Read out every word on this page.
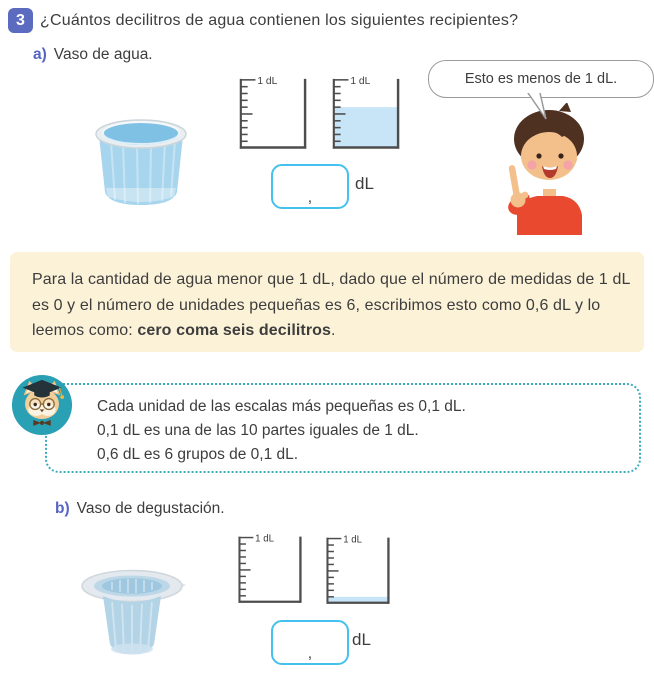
3 ¿Cuántos decilitros de agua contienen los siguientes recipientes?
a) Vaso de agua.
1 dL	1 dL
,
dL
Esto es menos de 1 dL.
Para la cantidad de agua menor que 1 dL, dado que el número de medidas de 1 dL es 0 y el número de unidades pequeñas es 6, escribimos esto como 0,6 dL y lo leemos como: cero coma seis decilitros.
Cada unidad de las escalas más pequeñas es 0,1 dL.
0,1 dL es una de las 10 partes iguales de 1 dL.
0,6 dL es 6 grupos de 0,1 dL.
b) Vaso de degustación.
1 dL	1 dL
,
dL
